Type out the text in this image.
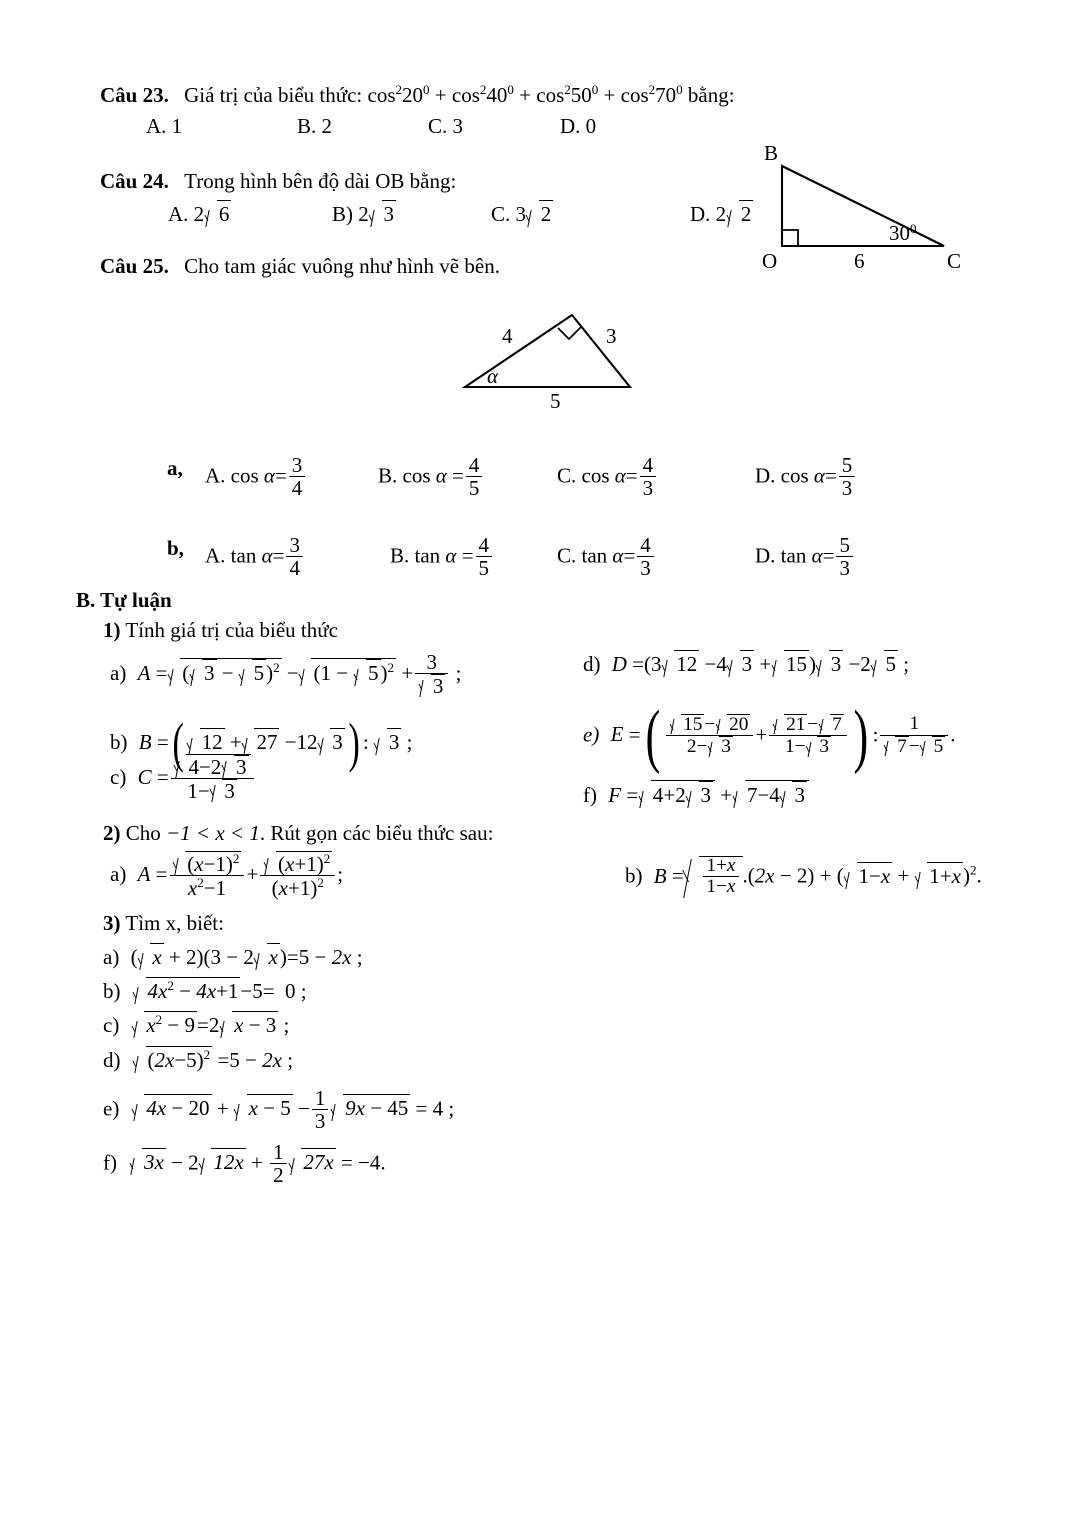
Câu 23. Giá trị của biểu thức: $\cos^220^0 + \cos^240^0 + \cos^250^0 + \cos^270^0$ bằng:
A. 1	B. 2	C. 3	D. 0
Câu 24. Trong hình bên độ dài OB bằng:
A. 2 6	B) 2 3	C. 3 2	D. 2 2
B
O	C
6
$30^0$
Câu 25. Cho tam giác vuông như hình vẽ bên.
4	3
5
α
a, A. $\cos \alpha= \frac{3}{4}$	B. $\cos \alpha = \frac{4}{5}$	C. $\cos \alpha= \frac{4}{3}$	D. $\cos \alpha= \frac{5}{3}$
b, A. $\tan \alpha= \frac{3}{4}$	B. $\tan \alpha = \frac{4}{5}$	C. $\tan \alpha= \frac{4}{3}$	D. $\tan \alpha= \frac{5}{3}$
B. Tự luận
1) Tính giá trị của biểu thức
a) A = ( $3 - 5)^2 - (1 - 5)^2 + \frac{3}{3}$ ;
b) B =( 12 + 27 −12 3) : 3 ;
c) $C = \frac{4-2 3}{1- 3}$
d) D =(3 12 −4 3 + 15) 3 −2 5 ;
e) E =( $\frac{15 - 20}{2- 3} + \frac{21 - 7}{1- 3}$ ) : $\frac{1}{7 - 5}$ .
f) F = 4+2 3 + 7−4 3
2) Cho −1 < x < 1. Rút gọn các biểu thức sau:
a) $A = \frac{(x-1)^2}{x^2-1} + \frac{(x+1)^2}{(x+1)^2}$ ;	b) $B = \frac{1+x}{1-x} .(2x - 2)$ + ( 1−x + 1+x)$^2$.
3) Tìm x, biết:
a) ( x + 2)(3 − 2 x)=5 − 2x ;
b) $4x^2 - 4x+1-5= 0$ ;
c) $x^2 - 9=2$ x − 3 ;
d) $(2x-5)^2 =5 - 2x$ ;
e) $4x - 20 + x - 5 - \frac{1}{3} 9x - 45 = 4$ ;
f) 3x − 2 $12x + \frac{1}{2} 27x = -4$.
